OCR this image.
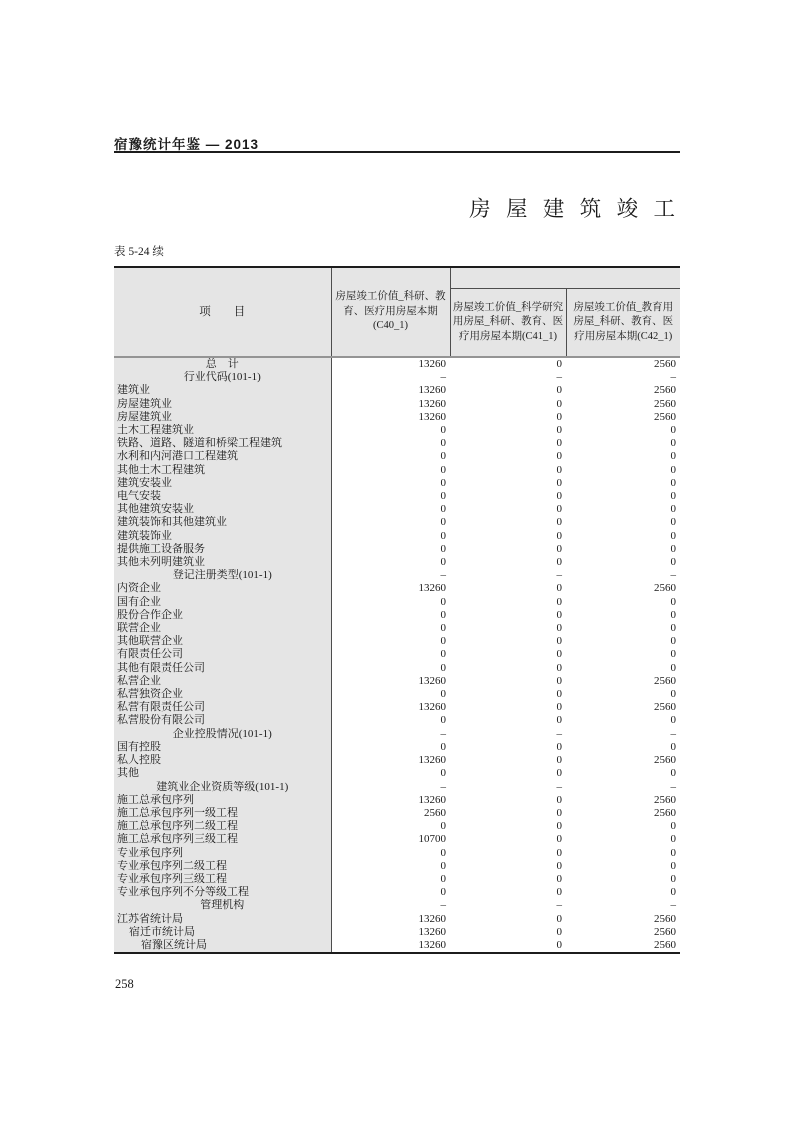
宿豫统计年鉴 — 2013
房 屋 建 筑 竣 工
表 5-24 续
项　　目	房屋竣工价值_科研、教育、医疗用房屋本期(C40_1)		
		房屋竣工价值_科学研究用房屋_科研、教育、医疗用房屋本期(C41_1)	房屋竣工价值_教育用房屋_科研、教育、医疗用房屋本期(C42_1)
总　计	13260	0	2560
行业代码(101-1)	–	–	–
建筑业	13260	0	2560
房屋建筑业	13260	0	2560
房屋建筑业	13260	0	2560
土木工程建筑业	0	0	0
铁路、道路、隧道和桥梁工程建筑	0	0	0
水利和内河港口工程建筑	0	0	0
其他土木工程建筑	0	0	0
建筑安装业	0	0	0
电气安装	0	0	0
其他建筑安装业	0	0	0
建筑装饰和其他建筑业	0	0	0
建筑装饰业	0	0	0
提供施工设备服务	0	0	0
其他未列明建筑业	0	0	0
登记注册类型(101-1)	–	–	–
内资企业	13260	0	2560
国有企业	0	0	0
股份合作企业	0	0	0
联营企业	0	0	0
其他联营企业	0	0	0
有限责任公司	0	0	0
其他有限责任公司	0	0	0
私营企业	13260	0	2560
私营独资企业	0	0	0
私营有限责任公司	13260	0	2560
私营股份有限公司	0	0	0
企业控股情况(101-1)	–	–	–
国有控股	0	0	0
私人控股	13260	0	2560
其他	0	0	0
建筑业企业资质等级(101-1)	–	–	–
施工总承包序列	13260	0	2560
施工总承包序列一级工程	2560	0	2560
施工总承包序列二级工程	0	0	0
施工总承包序列三级工程	10700	0	0
专业承包序列	0	0	0
专业承包序列二级工程	0	0	0
专业承包序列三级工程	0	0	0
专业承包序列不分等级工程	0	0	0
管理机构	–	–	–
江苏省统计局	13260	0	2560
宿迁市统计局	13260	0	2560
宿豫区统计局	13260	0	2560
258
